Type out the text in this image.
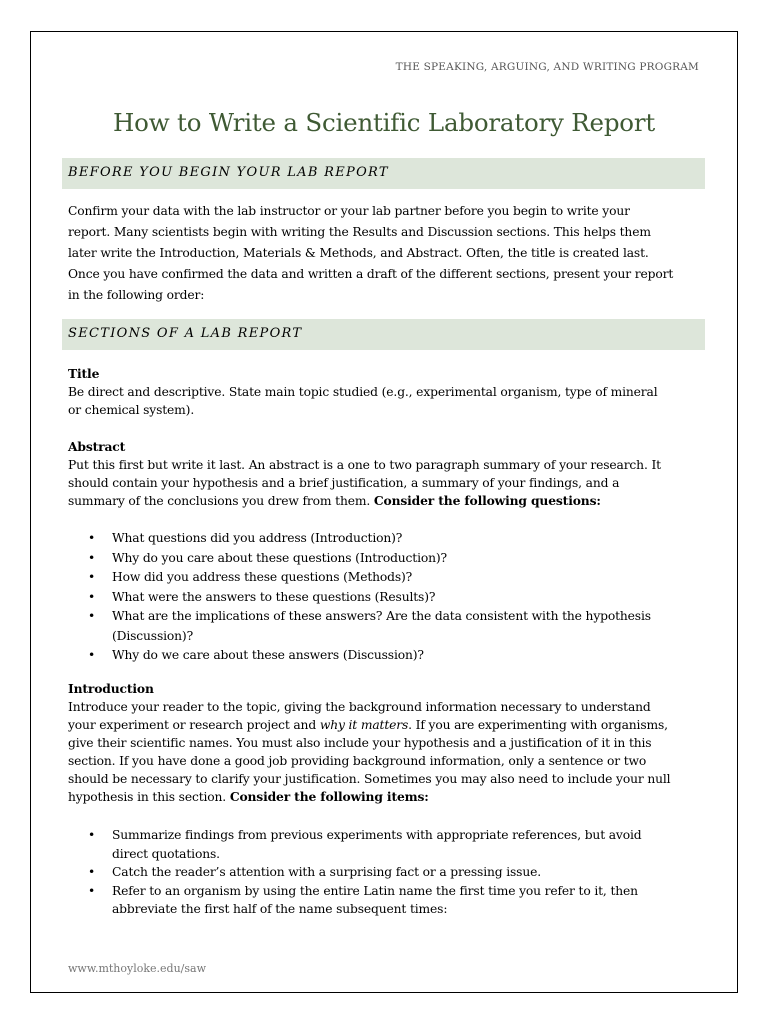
THE SPEAKING, ARGUING, AND WRITING PROGRAM
How to Write a Scientific Laboratory Report
BEFORE YOU BEGIN YOUR LAB REPORT
Confirm your data with the lab instructor or your lab partner before you begin to write your
report. Many scientists begin with writing the Results and Discussion sections. This helps them
later write the Introduction, Materials & Methods, and Abstract. Often, the title is created last.
Once you have confirmed the data and written a draft of the different sections, present your report
in the following order:
SECTIONS OF A LAB REPORT
Title
Be direct and descriptive. State main topic studied (e.g., experimental organism, type of mineral
or chemical system).
Abstract
Put this first but write it last. An abstract is a one to two paragraph summary of your research. It
should contain your hypothesis and a brief justification, a summary of your findings, and a
summary of the conclusions you drew from them. Consider the following questions:
• What questions did you address (Introduction)?
• Why do you care about these questions (Introduction)?
• How did you address these questions (Methods)?
• What were the answers to these questions (Results)?
• What are the implications of these answers? Are the data consistent with the hypothesis
(Discussion)?
• Why do we care about these answers (Discussion)?
Introduction
Introduce your reader to the topic, giving the background information necessary to understand
your experiment or research project and why it matters. If you are experimenting with organisms,
give their scientific names. You must also include your hypothesis and a justification of it in this
section. If you have done a good job providing background information, only a sentence or two
should be necessary to clarify your justification. Sometimes you may also need to include your null
hypothesis in this section. Consider the following items:
• Summarize findings from previous experiments with appropriate references, but avoid
direct quotations.
• Catch the reader’s attention with a surprising fact or a pressing issue.
• Refer to an organism by using the entire Latin name the first time you refer to it, then
abbreviate the first half of the name subsequent times:
www.mthoyloke.edu/saw
